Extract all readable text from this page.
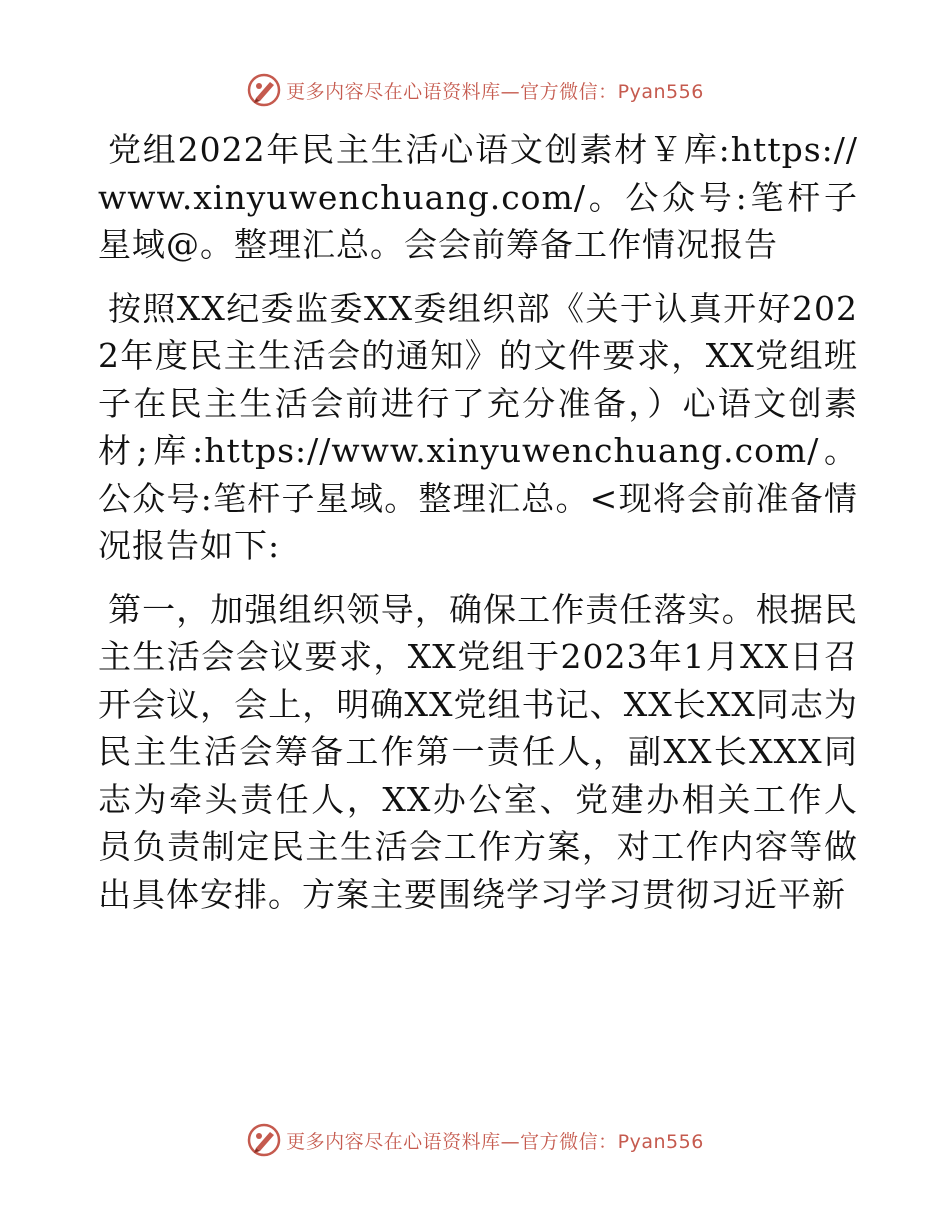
更多内容尽在心语资料库—官方微信：Pyan556

党组2022年民主生活心语文创素材￥库:https://www.xinyuwenchuang.com/。公众号:笔杆子星域@。整理汇总。会会前筹备工作情况报告

按照XX纪委监委XX委组织部《关于认真开好2022年度民主生活会的通知》的文件要求，XX党组班子在民主生活会前进行了充分准备，）心语文创素材;库:https://www.xinyuwenchuang.com/。公众号:笔杆子星域。整理汇总。<现将会前准备情况报告如下:

第一，加强组织领导，确保工作责任落实。根据民主生活会会议要求，XX党组于2023年1月XX日召开会议，会上，明确XX党组书记、XX长XX同志为民主生活会筹备工作第一责任人，副XX长XXX同志为牵头责任人，XX办公室、党建办相关工作人员负责制定民主生活会工作方案，对工作内容等做出具体安排。方案主要围绕学习学习贯彻习近平新

更多内容尽在心语资料库—官方微信：Pyan556
